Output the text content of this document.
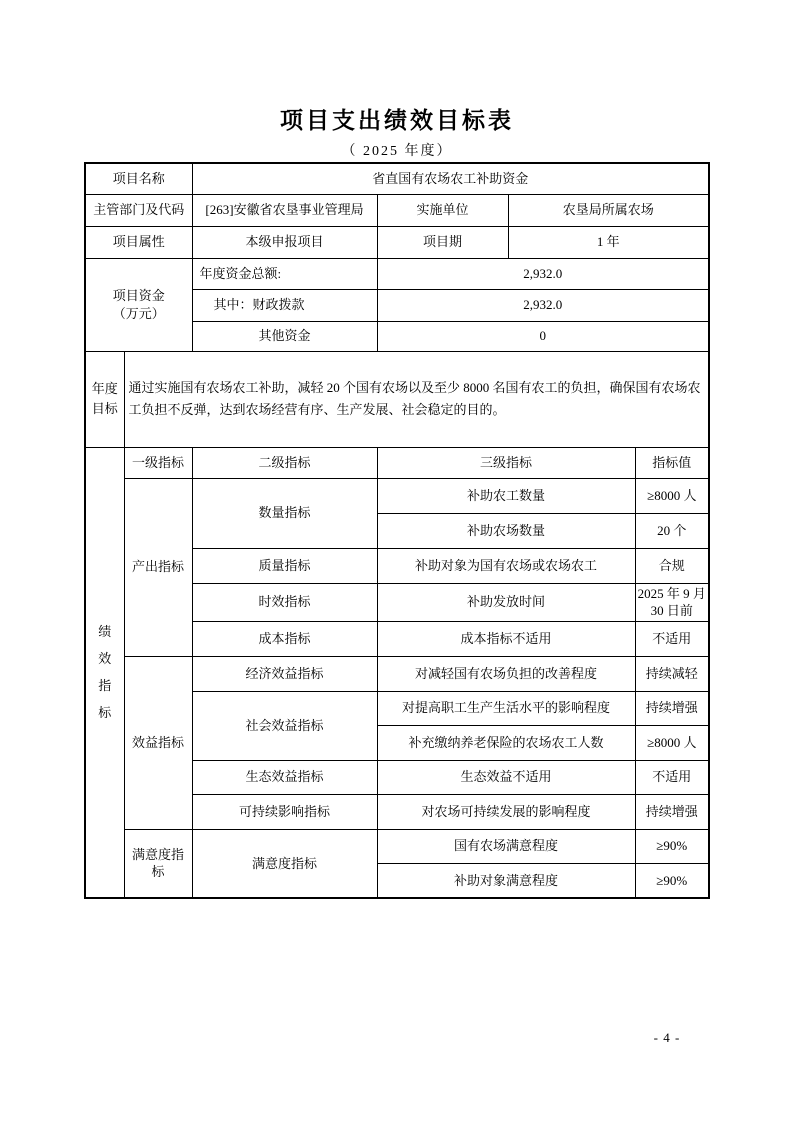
项目支出绩效目标表
（ 2025 年度）
项目名称		省直国有农场农工补助资金			
主管部门及代码		[263]安徽省农垦事业管理局	实施单位	农垦局所属农场	
项目属性		本级申报项目	项目期	1 年	

项目资金
（万元）		年度资金总额:	2,932.0		
		其中：财政拨款	2,932.0		
		其他资金	0		

年度目标	通过实施国有农场农工补助，减轻 20 个国有农场以及至少 8000 名国有农工的负担，确保国有农场农工负担不反弹，达到农场经营有序、生产发展、社会稳定的目的。				

绩效指标	一级指标	二级指标	三级指标		指标值
	产出指标	数量指标	补助农工数量		≥8000 人
			补助农场数量		20 个
		质量指标	补助对象为国有农场或农场农工		合规
		时效指标	补助发放时间		2025 年 9 月 30 日前
		成本指标	成本指标不适用		不适用
	效益指标	经济效益指标	对减轻国有农场负担的改善程度		持续减轻
		社会效益指标	对提高职工生产生活水平的影响程度		持续增强
			补充缴纳养老保险的农场农工人数		≥8000 人
		生态效益指标	生态效益不适用		不适用
		可持续影响指标	对农场可持续发展的影响程度		持续增强
	满意度指标	满意度指标	国有农场满意程度		≥90%
			补助对象满意程度		≥90%
- 4 -
